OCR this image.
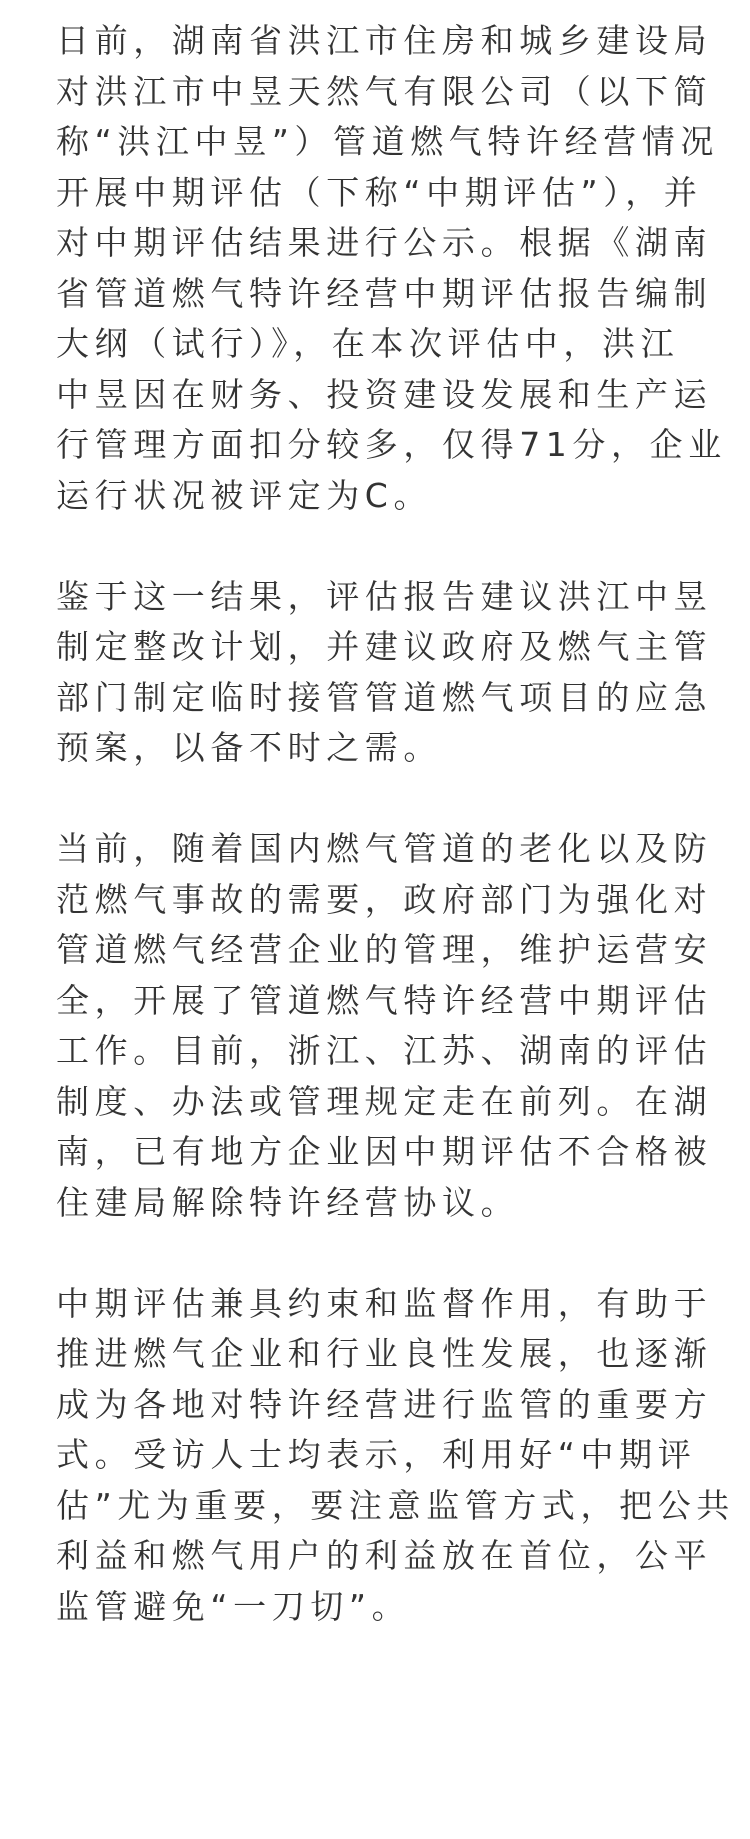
日前，湖南省洪江市住房和城乡建设局
对洪江市中昱天然气有限公司（以下简
称“洪江中昱”）管道燃气特许经营情况
开展中期评估（下称“中期评估”），并
对中期评估结果进行公示。根据《湖南
省管道燃气特许经营中期评估报告编制
大纲（试行）》，在本次评估中，洪江
中昱因在财务、投资建设发展和生产运
行管理方面扣分较多，仅得71分，企业
运行状况被评定为C。
鉴于这一结果，评估报告建议洪江中昱
制定整改计划，并建议政府及燃气主管
部门制定临时接管管道燃气项目的应急
预案，以备不时之需。
当前，随着国内燃气管道的老化以及防
范燃气事故的需要，政府部门为强化对
管道燃气经营企业的管理，维护运营安
全，开展了管道燃气特许经营中期评估
工作。目前，浙江、江苏、湖南的评估
制度、办法或管理规定走在前列。在湖
南，已有地方企业因中期评估不合格被
住建局解除特许经营协议。
中期评估兼具约束和监督作用，有助于
推进燃气企业和行业良性发展，也逐渐
成为各地对特许经营进行监管的重要方
式。受访人士均表示，利用好“中期评
估”尤为重要，要注意监管方式，把公共
利益和燃气用户的利益放在首位，公平
监管避免“一刀切”。
